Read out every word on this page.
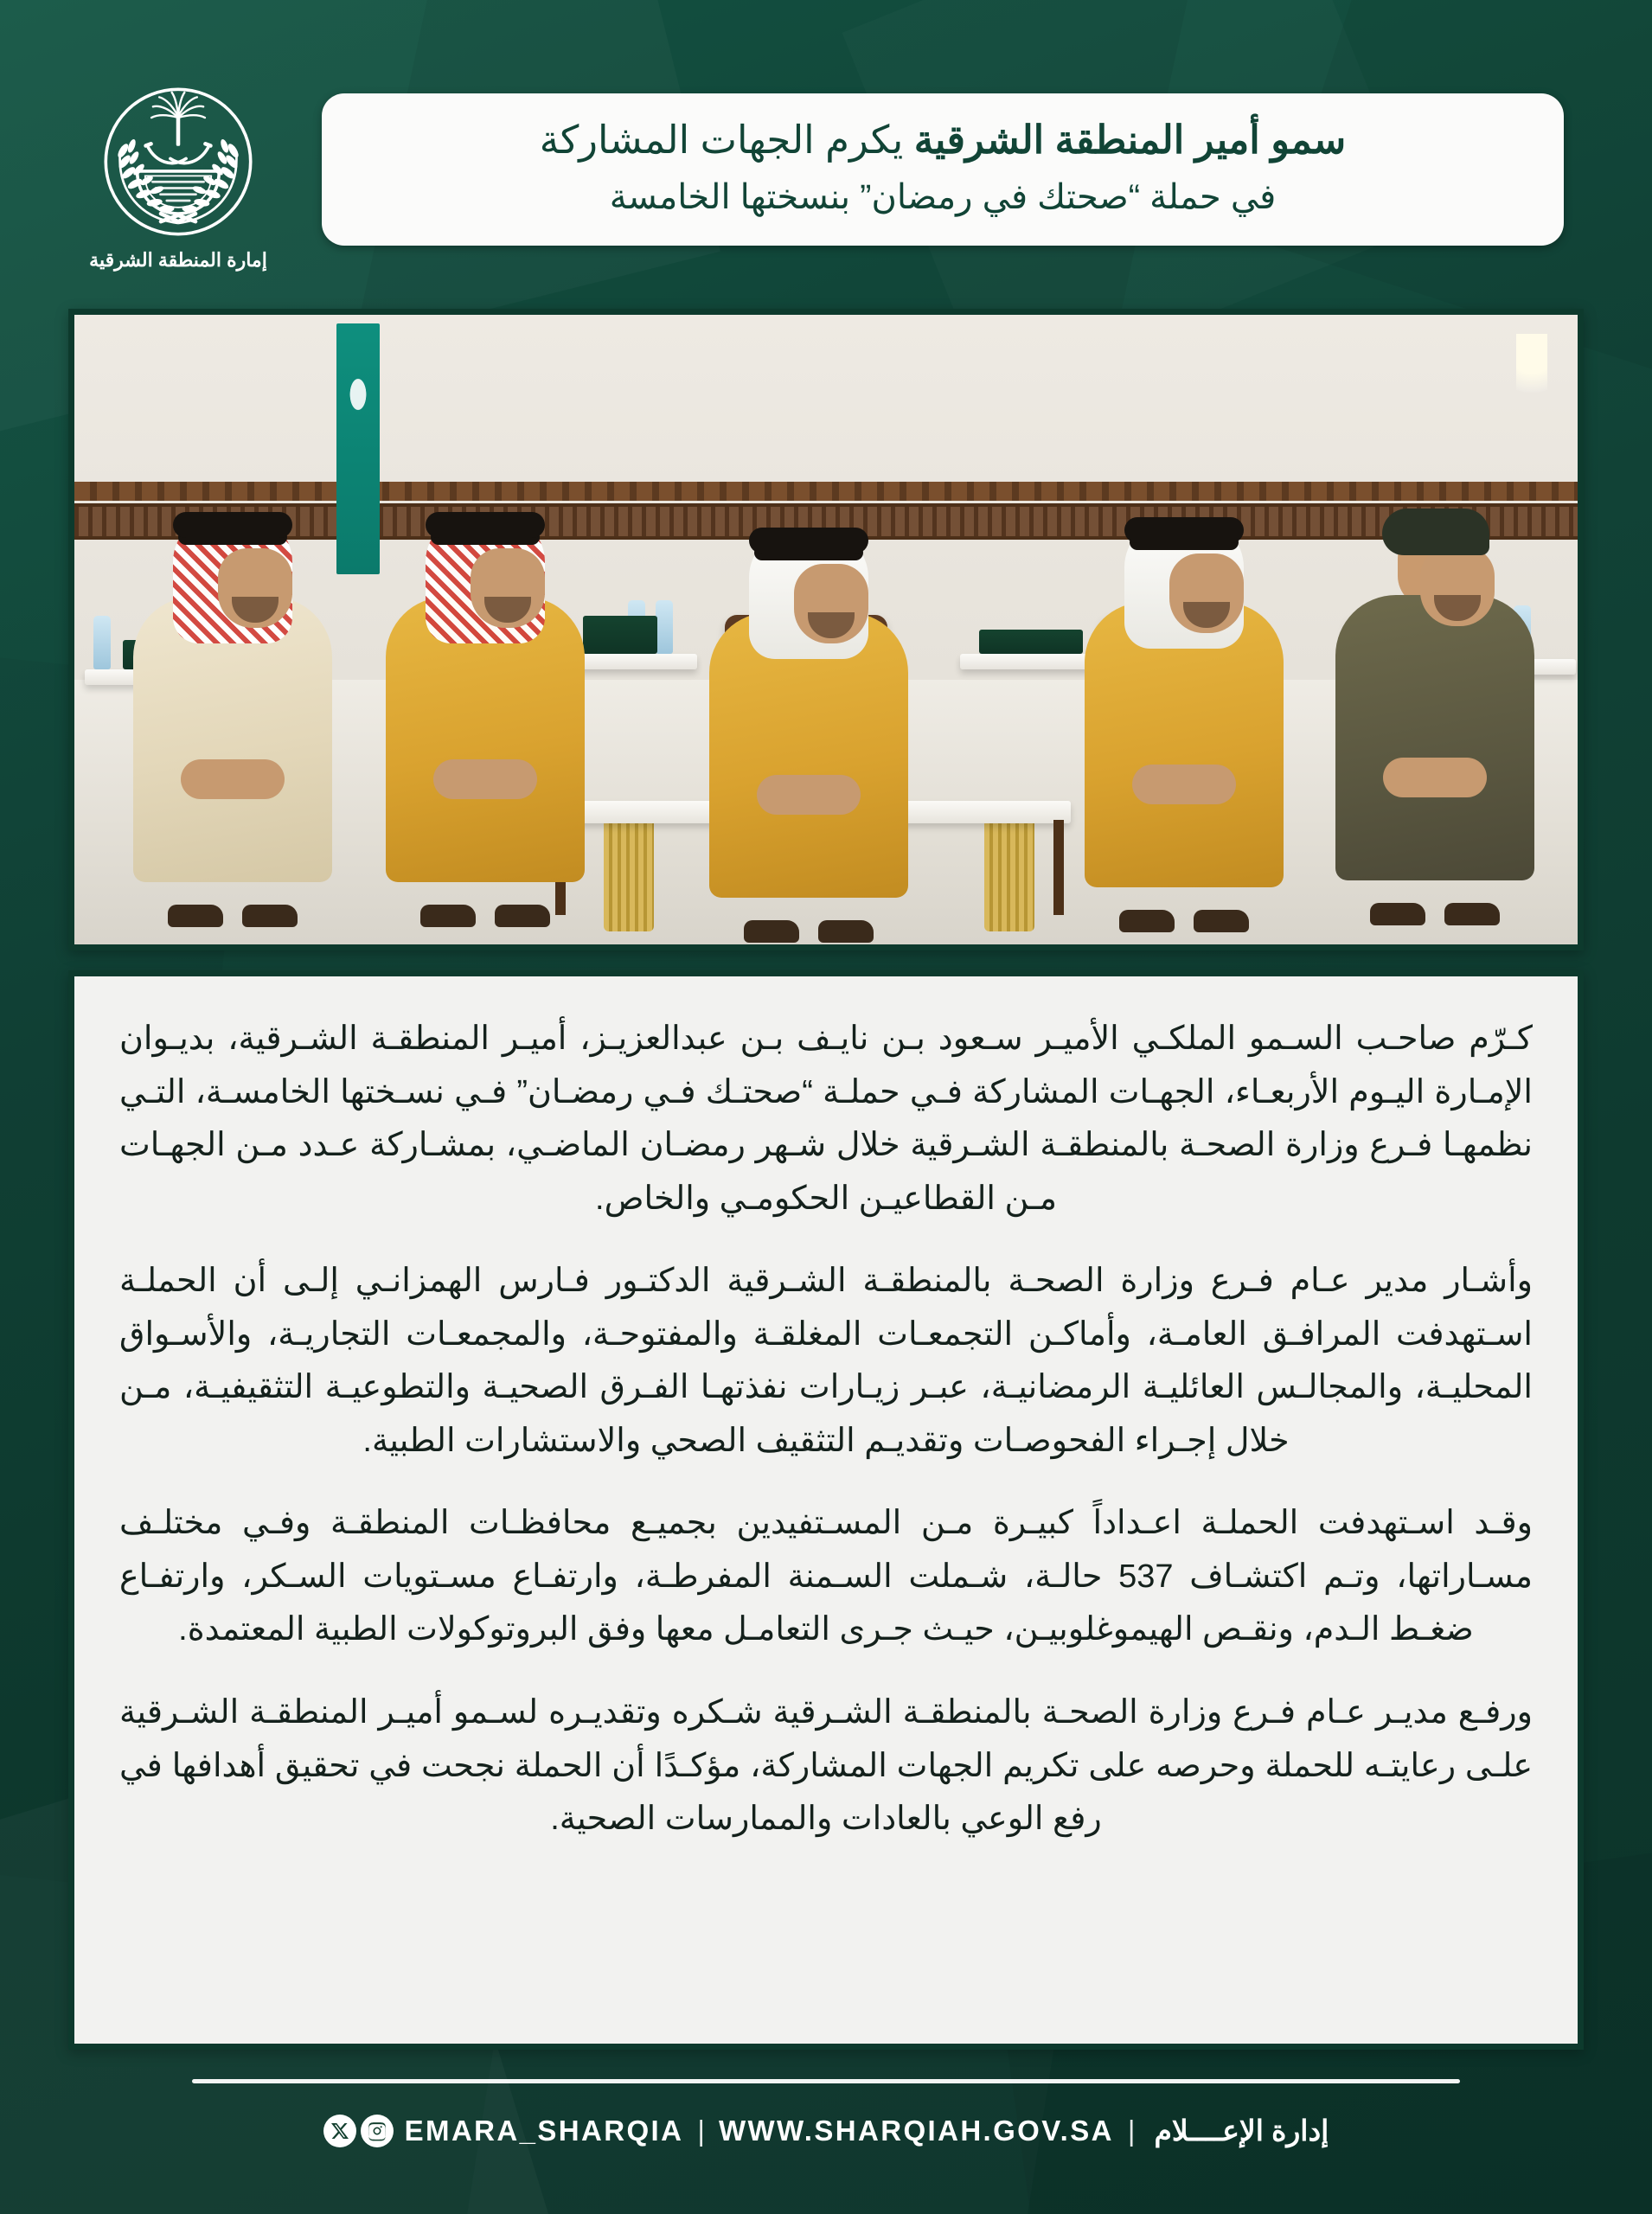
سمو أمير المنطقة الشرقية يكرم الجهات المشاركة
في حملة “صحتك في رمضان” بنسختها الخامسة
إمارة المنطقة الشرقية

كـرّم صاحـب السـمو الملكـي الأميـر سـعود بـن نايـف بـن عبدالعزيـز، أميـر المنطقـة الشـرقية، بديـوان الإمـارة اليـوم الأربعـاء، الجهـات المشاركة فـي حملـة “صحتـك فـي رمضـان” فـي نسـختها الخامسـة، التـي نظمهـا فـرع وزارة الصحـة بالمنطقـة الشـرقية خلال شـهر رمضـان الماضـي، بمشـاركة عـدد مـن الجهـات مـن القطاعيـن الحكومـي والخاص.

وأشـار مدير عـام فـرع وزارة الصحـة بالمنطقـة الشـرقية الدكتـور فـارس الهمزانـي إلـى أن الحملـة اسـتهدفت المرافـق العامـة، وأماكـن التجمعـات المغلقـة والمفتوحـة، والمجمعـات التجاريـة، والأسـواق المحليـة، والمجالـس العائليـة الرمضانيـة، عبـر زيـارات نفذتهـا الفـرق الصحيـة والتطوعيـة التثقيفيـة، مـن خلال إجـراء الفحوصـات وتقديـم التثقيف الصحي والاستشارات الطبية.

وقـد اسـتهدفت الحملـة اعـداداً كبيـرة مـن المسـتفيدين بجميـع محافظـات المنطقـة وفـي مختلـف مسـاراتها، وتـم اكتشـاف 537 حالـة، شـملت السـمنة المفرطـة، وارتفـاع مسـتويات السـكر، وارتفـاع ضغـط الـدم، ونقـص الهيموغلوبيـن، حيـث جـرى التعامـل معها وفق البروتوكولات الطبية المعتمدة.

ورفـع مديـر عـام فـرع وزارة الصحـة بالمنطقـة الشـرقية شـكره وتقديـره لسـمو أميـر المنطقـة الشـرقية علـى رعايتـه للحملة وحرصه على تكريم الجهات المشاركة، مؤكـدًا أن الحملة نجحت في تحقيق أهدافها في رفع الوعي بالعادات والممارسات الصحية.

EMARA_SHARQIA | WWW.SHARQIAH.GOV.SA | إدارة الإعــــلام
